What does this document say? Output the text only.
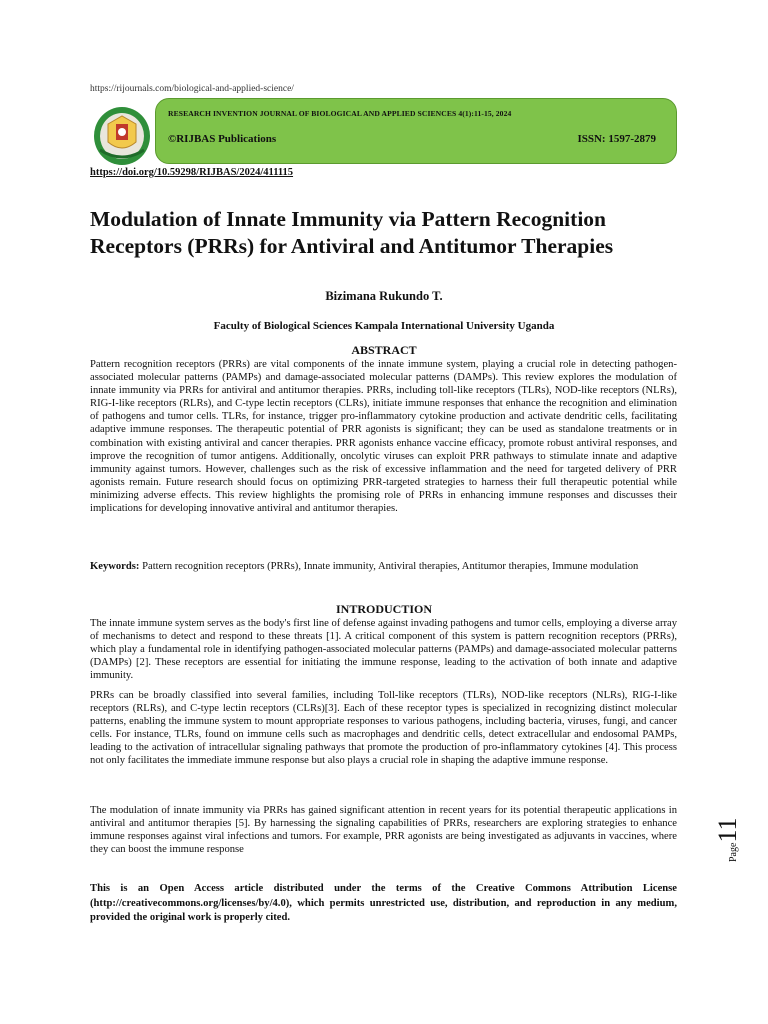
https://rijournals.com/biological-and-applied-science/
RESEARCH INVENTION JOURNAL OF BIOLOGICAL AND APPLIED SCIENCES 4(1):11-15, 2024
©RIJBAS Publications	ISSN: 1597-2879
https://doi.org/10.59298/RIJBAS/2024/411115
Modulation of Innate Immunity via Pattern Recognition Receptors (PRRs) for Antiviral and Antitumor Therapies
Bizimana Rukundo T.
Faculty of Biological Sciences Kampala International University Uganda
ABSTRACT

Pattern recognition receptors (PRRs) are vital components of the innate immune system, playing a crucial role in detecting pathogen-associated molecular patterns (PAMPs) and damage-associated molecular patterns (DAMPs). This review explores the modulation of innate immunity via PRRs for antiviral and antitumor therapies. PRRs, including toll-like receptors (TLRs), NOD-like receptors (NLRs), RIG-I-like receptors (RLRs), and C-type lectin receptors (CLRs), initiate immune responses that enhance the recognition and elimination of pathogens and tumor cells. TLRs, for instance, trigger pro-inflammatory cytokine production and activate dendritic cells, facilitating adaptive immune responses. The therapeutic potential of PRR agonists is significant; they can be used as standalone treatments or in combination with existing antiviral and cancer therapies. PRR agonists enhance vaccine efficacy, promote robust antiviral responses, and improve the recognition of tumor antigens. Additionally, oncolytic viruses can exploit PRR pathways to stimulate innate and adaptive immunity against tumors. However, challenges such as the risk of excessive inflammation and the need for targeted delivery of PRR agonists remain. Future research should focus on optimizing PRR-targeted strategies to harness their full therapeutic potential while minimizing adverse effects. This review highlights the promising role of PRRs in enhancing immune responses and discusses their implications for developing innovative antiviral and antitumor therapies.

Keywords: Pattern recognition receptors (PRRs), Innate immunity, Antiviral therapies, Antitumor therapies, Immune modulation

INTRODUCTION

The innate immune system serves as the body's first line of defense against invading pathogens and tumor cells, employing a diverse array of mechanisms to detect and respond to these threats [1]. A critical component of this system is pattern recognition receptors (PRRs), which play a fundamental role in identifying pathogen-associated molecular patterns (PAMPs) and damage-associated molecular patterns (DAMPs) [2]. These receptors are essential for initiating the immune response, leading to the activation of both innate and adaptive immunity.

PRRs can be broadly classified into several families, including Toll-like receptors (TLRs), NOD-like receptors (NLRs), RIG-I-like receptors (RLRs), and C-type lectin receptors (CLRs)[3]. Each of these receptor types is specialized in recognizing distinct molecular patterns, enabling the immune system to mount appropriate responses to various pathogens, including bacteria, viruses, fungi, and cancer cells. For instance, TLRs, found on immune cells such as macrophages and dendritic cells, detect extracellular and endosomal PAMPs, leading to the activation of intracellular signaling pathways that promote the production of pro-inflammatory cytokines [4]. This process not only facilitates the immediate immune response but also plays a crucial role in shaping the adaptive immune response.

The modulation of innate immunity via PRRs has gained significant attention in recent years for its potential therapeutic applications in antiviral and antitumor therapies [5]. By harnessing the signaling capabilities of PRRs, researchers are exploring strategies to enhance immune responses against viral infections and tumors. For example, PRR agonists are being investigated as adjuvants in vaccines, where they can boost the immune response

This is an Open Access article distributed under the terms of the Creative Commons Attribution License (http://creativecommons.org/licenses/by/4.0), which permits unrestricted use, distribution, and reproduction in any medium, provided the original work is properly cited.

Page11
